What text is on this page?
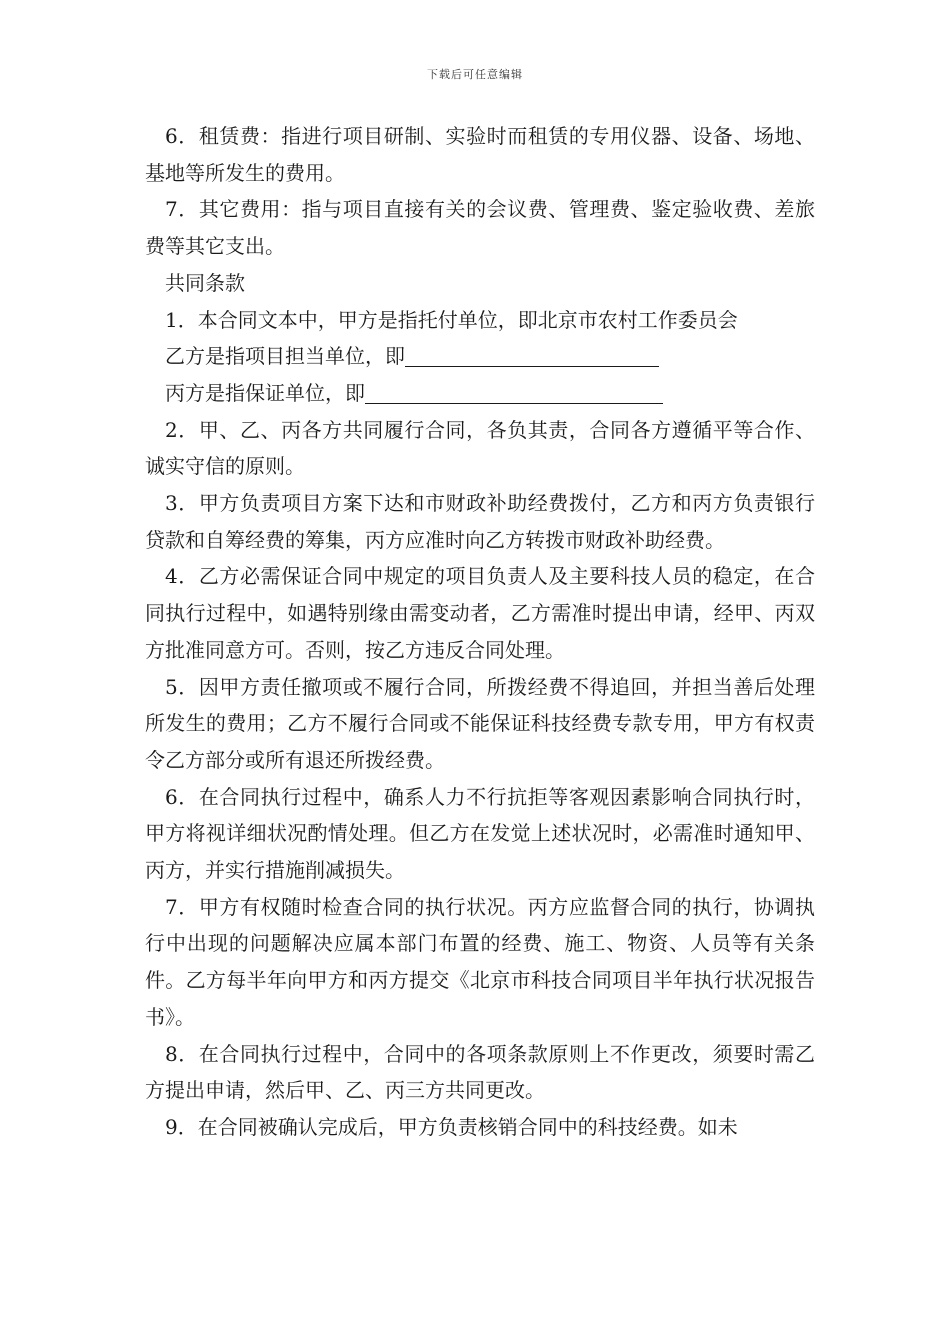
下载后可任意编辑

6．租赁费：指进行项目研制、实验时而租赁的专用仪器、设备、场地、基地等所发生的费用。

7．其它费用：指与项目直接有关的会议费、管理费、鉴定验收费、差旅费等其它支出。

共同条款

1．本合同文本中，甲方是指托付单位，即北京市农村工作委员会

乙方是指项目担当单位，即

丙方是指保证单位，即

2．甲、乙、丙各方共同履行合同，各负其责，合同各方遵循平等合作、诚实守信的原则。

3．甲方负责项目方案下达和市财政补助经费拨付，乙方和丙方负责银行贷款和自筹经费的筹集，丙方应准时向乙方转拨市财政补助经费。

4．乙方必需保证合同中规定的项目负责人及主要科技人员的稳定，在合同执行过程中，如遇特别缘由需变动者，乙方需准时提出申请，经甲、丙双方批准同意方可。否则，按乙方违反合同处理。

5．因甲方责任撤项或不履行合同，所拨经费不得追回，并担当善后处理所发生的费用；乙方不履行合同或不能保证科技经费专款专用，甲方有权责令乙方部分或所有退还所拨经费。

6．在合同执行过程中，确系人力不行抗拒等客观因素影响合同执行时，甲方将视详细状况酌情处理。但乙方在发觉上述状况时，必需准时通知甲、丙方，并实行措施削减损失。

7．甲方有权随时检查合同的执行状况。丙方应监督合同的执行，协调执行中出现的问题解决应属本部门布置的经费、施工、物资、人员等有关条件。乙方每半年向甲方和丙方提交《北京市科技合同项目半年执行状况报告书》。

8．在合同执行过程中，合同中的各项条款原则上不作更改，须要时需乙方提出申请，然后甲、乙、丙三方共同更改。

9．在合同被确认完成后，甲方负责核销合同中的科技经费。如未
